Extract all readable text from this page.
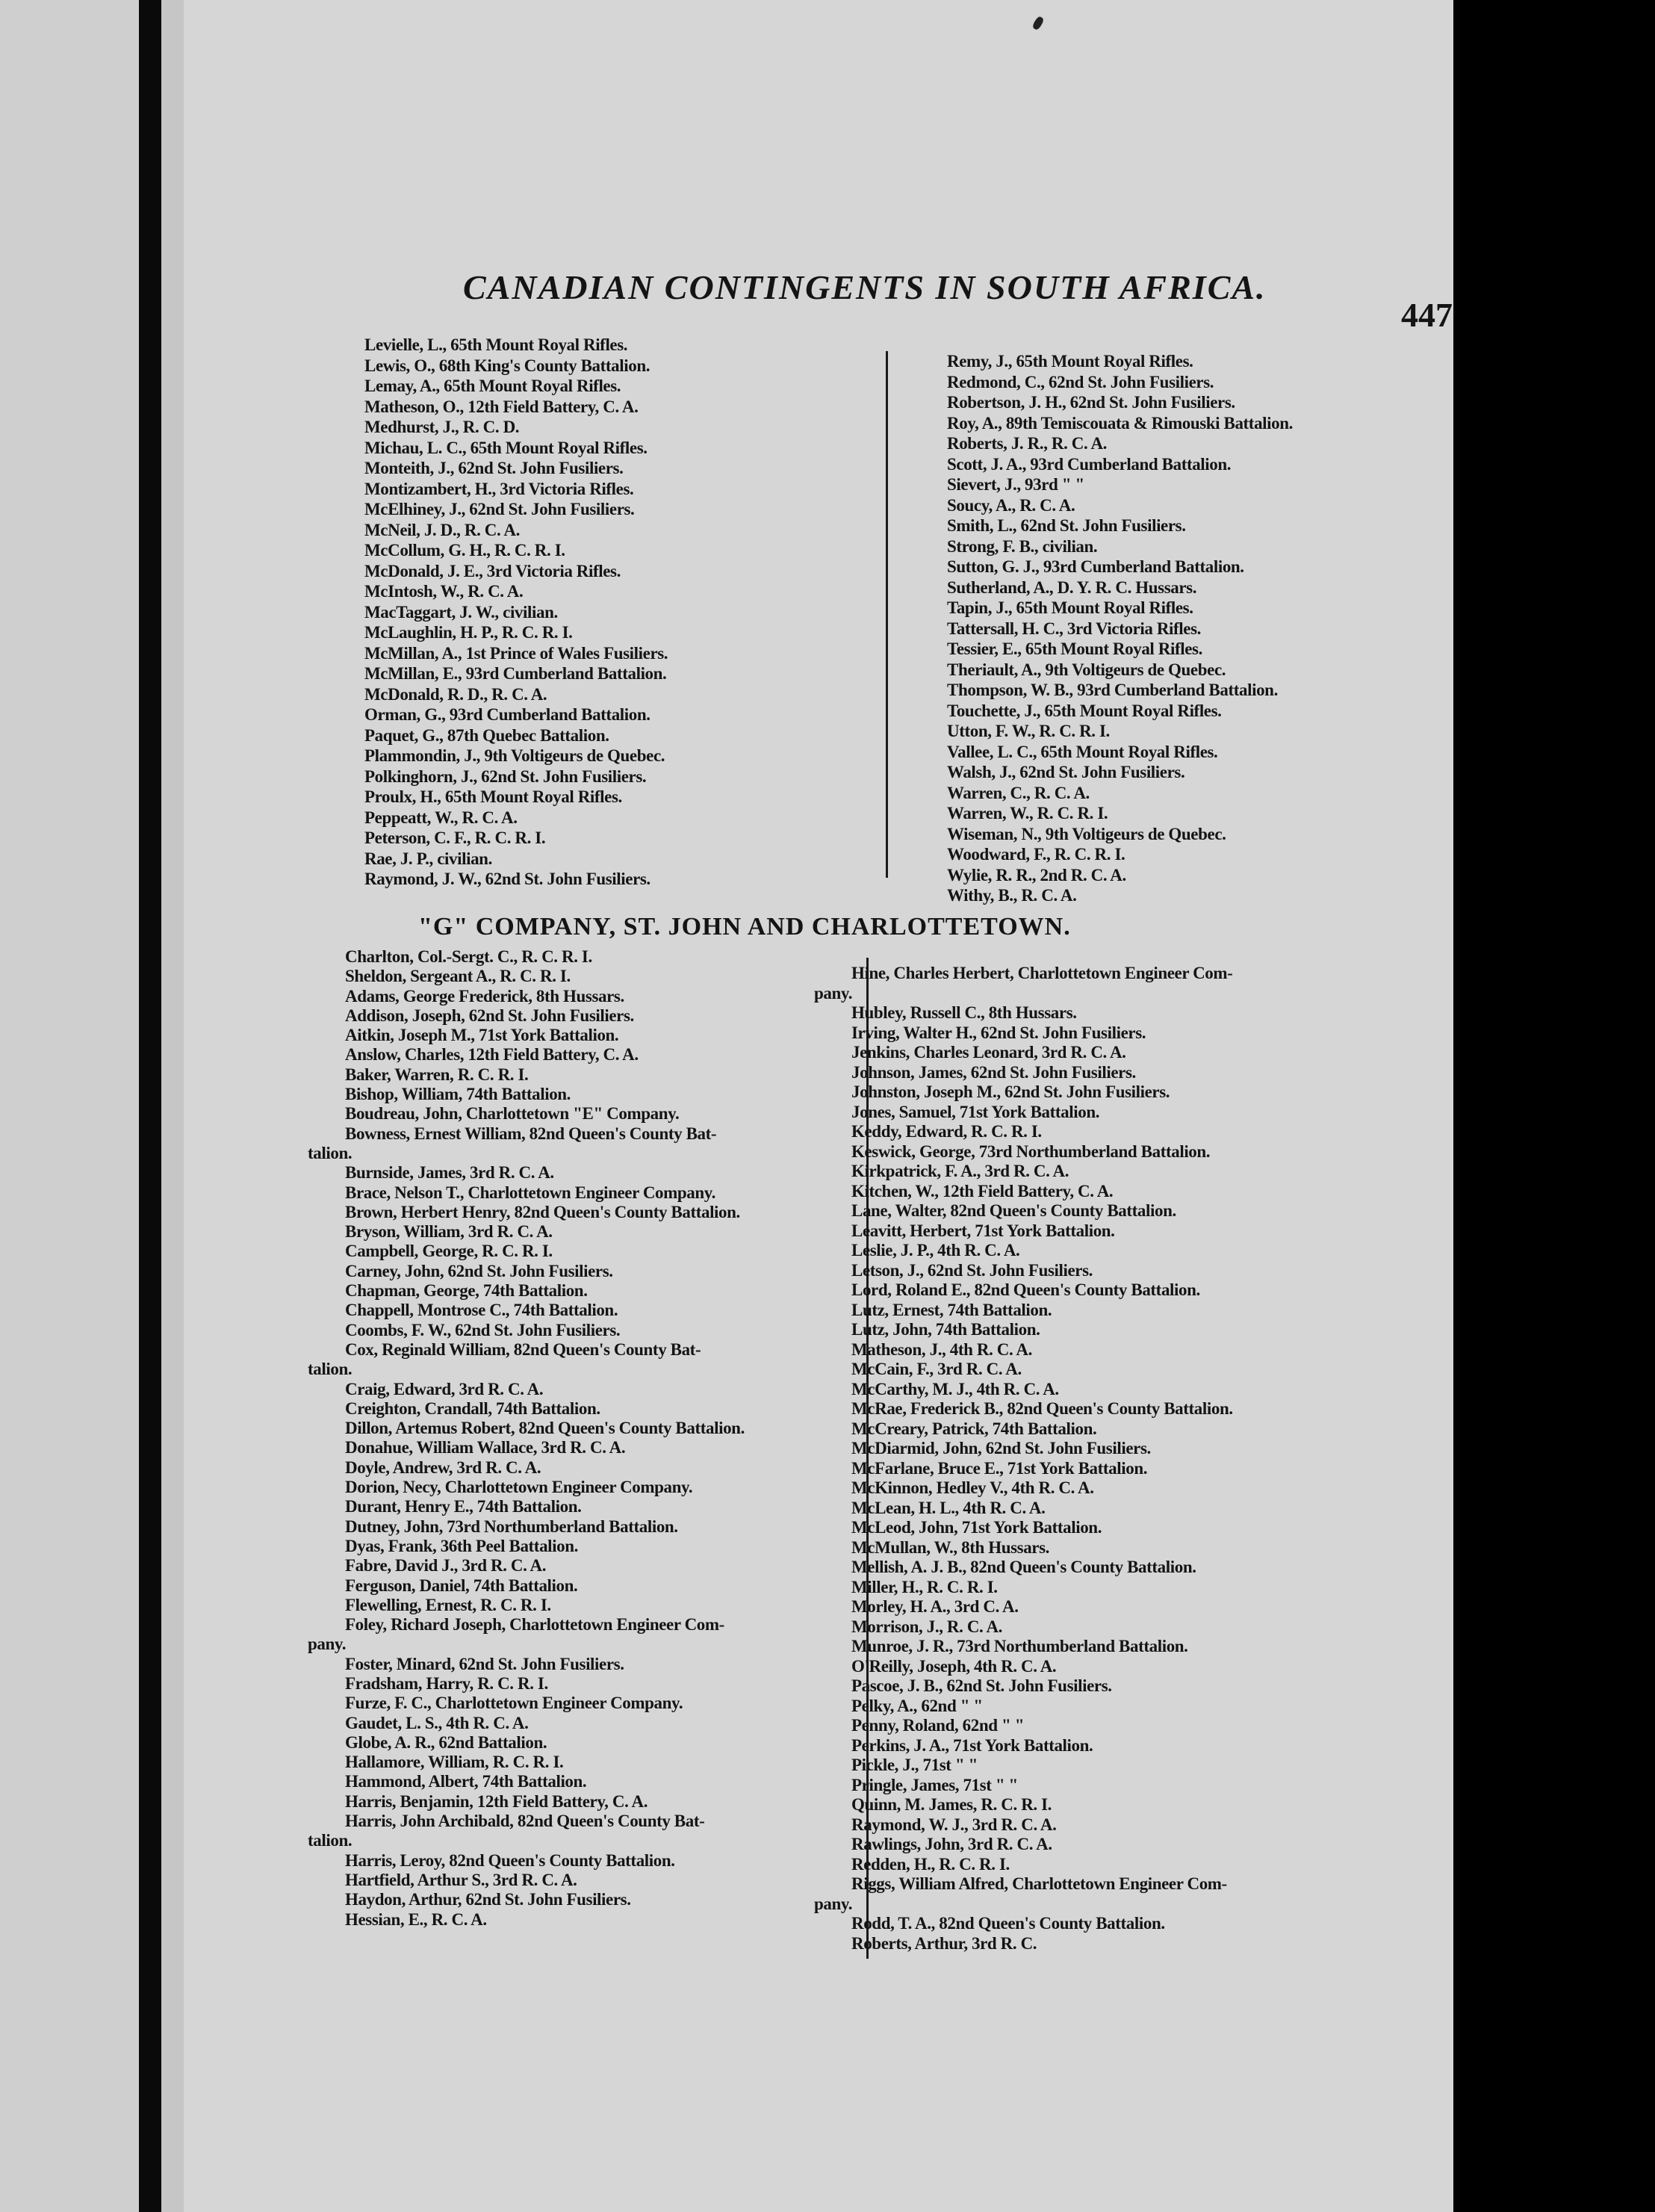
CANADIAN CONTINGENTS IN SOUTH AFRICA.
447
Levielle, L., 65th Mount Royal Rifles.
Lewis, O., 68th King's County Battalion.
Lemay, A., 65th Mount Royal Rifles.
Matheson, O., 12th Field Battery, C. A.
Medhurst, J., R. C. D.
Michau, L. C., 65th Mount Royal Rifles.
Monteith, J., 62nd St. John Fusiliers.
Montizambert, H., 3rd Victoria Rifles.
McElhiney, J., 62nd St. John Fusiliers.
McNeil, J. D., R. C. A.
McCollum, G. H., R. C. R. I.
McDonald, J. E., 3rd Victoria Rifles.
McIntosh, W., R. C. A.
MacTaggart, J. W., civilian.
McLaughlin, H. P., R. C. R. I.
McMillan, A., 1st Prince of Wales Fusiliers.
McMillan, E., 93rd Cumberland Battalion.
McDonald, R. D., R. C. A.
Orman, G., 93rd Cumberland Battalion.
Paquet, G., 87th Quebec Battalion.
Plammondin, J., 9th Voltigeurs de Quebec.
Polkinghorn, J., 62nd St. John Fusiliers.
Proulx, H., 65th Mount Royal Rifles.
Peppeatt, W., R. C. A.
Peterson, C. F., R. C. R. I.
Rae, J. P., civilian.
Raymond, J. W., 62nd St. John Fusiliers.
Remy, J., 65th Mount Royal Rifles.
Redmond, C., 62nd St. John Fusiliers.
Robertson, J. H., 62nd St. John Fusiliers.
Roy, A., 89th Temiscouata & Rimouski Battalion.
Roberts, J. R., R. C. A.
Scott, J. A., 93rd Cumberland Battalion.
Sievert, J., 93rd " "
Soucy, A., R. C. A.
Smith, L., 62nd St. John Fusiliers.
Strong, F. B., civilian.
Sutton, G. J., 93rd Cumberland Battalion.
Sutherland, A., D. Y. R. C. Hussars.
Tapin, J., 65th Mount Royal Rifles.
Tattersall, H. C., 3rd Victoria Rifles.
Tessier, E., 65th Mount Royal Rifles.
Theriault, A., 9th Voltigeurs de Quebec.
Thompson, W. B., 93rd Cumberland Battalion.
Touchette, J., 65th Mount Royal Rifles.
Utton, F. W., R. C. R. I.
Vallee, L. C., 65th Mount Royal Rifles.
Walsh, J., 62nd St. John Fusiliers.
Warren, C., R. C. A.
Warren, W., R. C. R. I.
Wiseman, N., 9th Voltigeurs de Quebec.
Woodward, F., R. C. R. I.
Wylie, R. R., 2nd R. C. A.
Withy, B., R. C. A.
"G" COMPANY, ST. JOHN AND CHARLOTTETOWN.
Charlton, Col.-Sergt. C., R. C. R. I.
Sheldon, Sergeant A., R. C. R. I.
Adams, George Frederick, 8th Hussars.
Addison, Joseph, 62nd St. John Fusiliers.
Aitkin, Joseph M., 71st York Battalion.
Anslow, Charles, 12th Field Battery, C. A.
Baker, Warren, R. C. R. I.
Bishop, William, 74th Battalion.
Boudreau, John, Charlottetown "E" Company.
Bowness, Ernest William, 82nd Queen's County Bat-
talion.
Burnside, James, 3rd R. C. A.
Brace, Nelson T., Charlottetown Engineer Company.
Brown, Herbert Henry, 82nd Queen's County Battalion.
Bryson, William, 3rd R. C. A.
Campbell, George, R. C. R. I.
Carney, John, 62nd St. John Fusiliers.
Chapman, George, 74th Battalion.
Chappell, Montrose C., 74th Battalion.
Coombs, F. W., 62nd St. John Fusiliers.
Cox, Reginald William, 82nd Queen's County Bat-
talion.
Craig, Edward, 3rd R. C. A.
Creighton, Crandall, 74th Battalion.
Dillon, Artemus Robert, 82nd Queen's County Battalion.
Donahue, William Wallace, 3rd R. C. A.
Doyle, Andrew, 3rd R. C. A.
Dorion, Necy, Charlottetown Engineer Company.
Durant, Henry E., 74th Battalion.
Dutney, John, 73rd Northumberland Battalion.
Dyas, Frank, 36th Peel Battalion.
Fabre, David J., 3rd R. C. A.
Ferguson, Daniel, 74th Battalion.
Flewelling, Ernest, R. C. R. I.
Foley, Richard Joseph, Charlottetown Engineer Com-
pany.
Foster, Minard, 62nd St. John Fusiliers.
Fradsham, Harry, R. C. R. I.
Furze, F. C., Charlottetown Engineer Company.
Gaudet, L. S., 4th R. C. A.
Globe, A. R., 62nd Battalion.
Hallamore, William, R. C. R. I.
Hammond, Albert, 74th Battalion.
Harris, Benjamin, 12th Field Battery, C. A.
Harris, John Archibald, 82nd Queen's County Bat-
talion.
Harris, Leroy, 82nd Queen's County Battalion.
Hartfield, Arthur S., 3rd R. C. A.
Haydon, Arthur, 62nd St. John Fusiliers.
Hessian, E., R. C. A.
Hine, Charles Herbert, Charlottetown Engineer Com-
pany.
Hubley, Russell C., 8th Hussars.
Irving, Walter H., 62nd St. John Fusiliers.
Jenkins, Charles Leonard, 3rd R. C. A.
Johnson, James, 62nd St. John Fusiliers.
Johnston, Joseph M., 62nd St. John Fusiliers.
Jones, Samuel, 71st York Battalion.
Keddy, Edward, R. C. R. I.
Keswick, George, 73rd Northumberland Battalion.
Kirkpatrick, F. A., 3rd R. C. A.
Kitchen, W., 12th Field Battery, C. A.
Lane, Walter, 82nd Queen's County Battalion.
Leavitt, Herbert, 71st York Battalion.
Leslie, J. P., 4th R. C. A.
Letson, J., 62nd St. John Fusiliers.
Lord, Roland E., 82nd Queen's County Battalion.
Lutz, Ernest, 74th Battalion.
Lutz, John, 74th Battalion.
Matheson, J., 4th R. C. A.
McCain, F., 3rd R. C. A.
McCarthy, M. J., 4th R. C. A.
McRae, Frederick B., 82nd Queen's County Battalion.
McCreary, Patrick, 74th Battalion.
McDiarmid, John, 62nd St. John Fusiliers.
McFarlane, Bruce E., 71st York Battalion.
McKinnon, Hedley V., 4th R. C. A.
McLean, H. L., 4th R. C. A.
McLeod, John, 71st York Battalion.
McMullan, W., 8th Hussars.
Mellish, A. J. B., 82nd Queen's County Battalion.
Miller, H., R. C. R. I.
Morley, H. A., 3rd C. A.
Morrison, J., R. C. A.
Munroe, J. R., 73rd Northumberland Battalion.
O'Reilly, Joseph, 4th R. C. A.
Pascoe, J. B., 62nd St. John Fusiliers.
Pelky, A., 62nd " "
Penny, Roland, 62nd " "
Perkins, J. A., 71st York Battalion.
Pickle, J., 71st " "
Pringle, James, 71st " "
Quinn, M. James, R. C. R. I.
Raymond, W. J., 3rd R. C. A.
Rawlings, John, 3rd R. C. A.
Redden, H., R. C. R. I.
Riggs, William Alfred, Charlottetown Engineer Com-
pany.
Rodd, T. A., 82nd Queen's County Battalion.
Roberts, Arthur, 3rd R. C.
